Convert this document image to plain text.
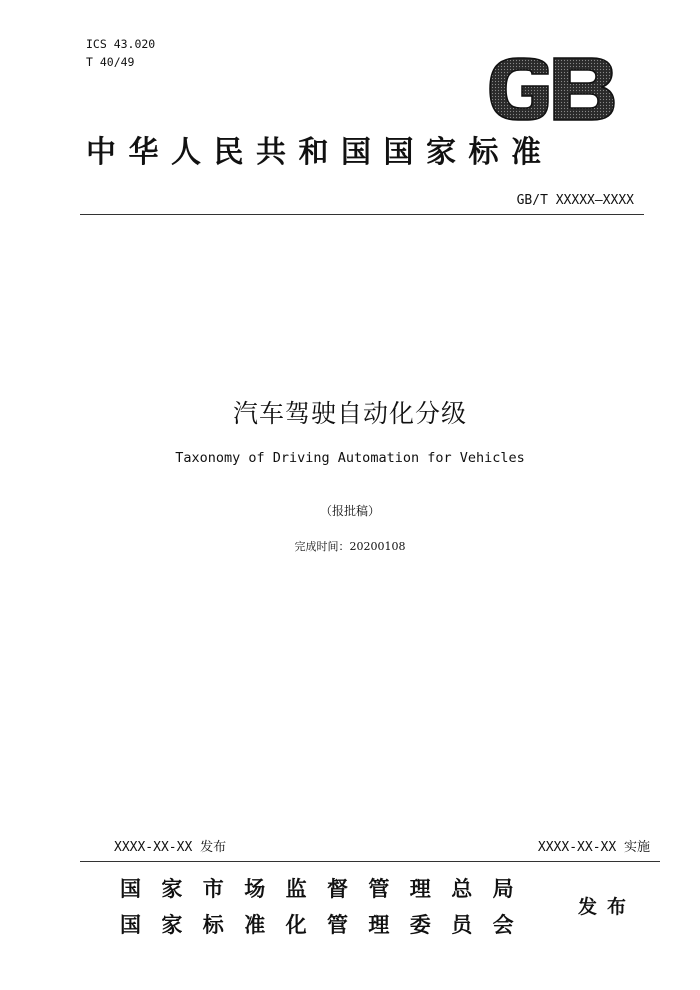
ICS 43.020
T 40/49
中华人民共和国国家标准
GB/T XXXXX—XXXX
汽车驾驶自动化分级
Taxonomy of Driving Automation for Vehicles
（报批稿）
完成时间：20200108
XXXX-XX-XX 发布	XXXX-XX-XX 实施
国家市场监督管理总局
国家标准化管理委员会
发布
